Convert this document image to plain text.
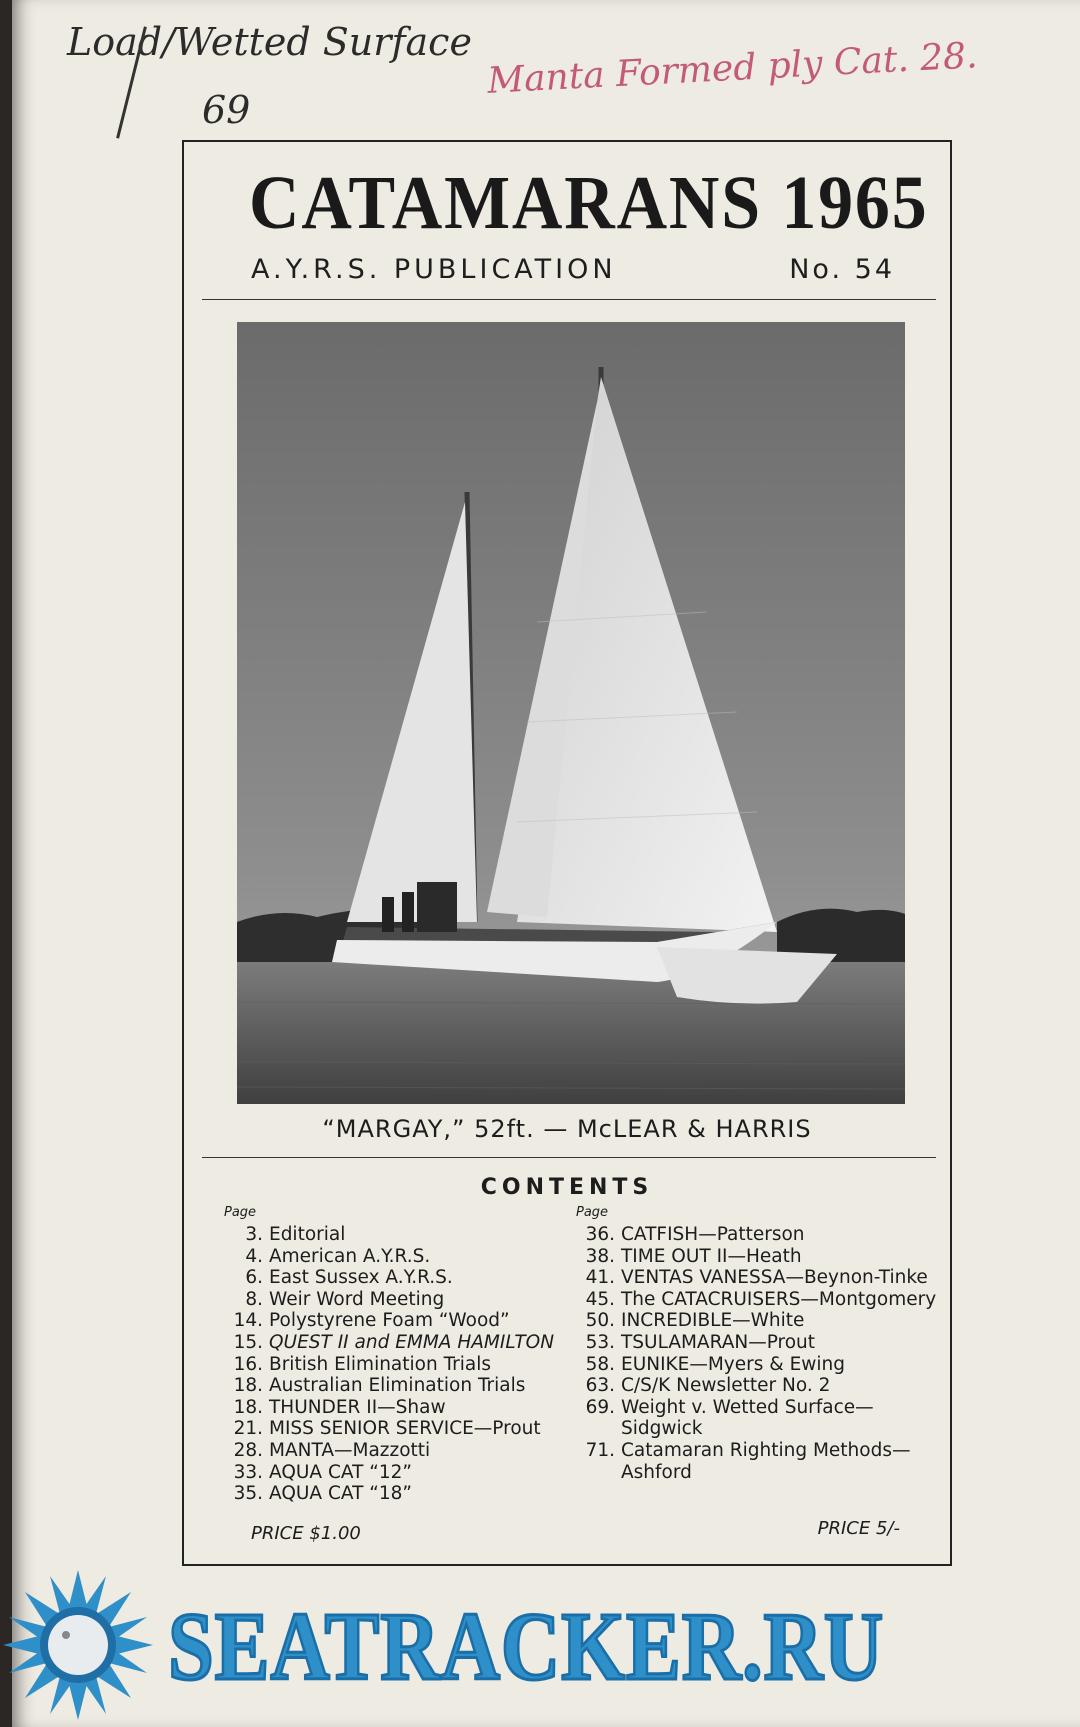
Load/Wetted Surface
69
Manta Formed ply Cat. 28.
CATAMARANS 1965
A.Y.R.S. PUBLICATION	No. 54
“MARGAY,” 52ft. — McLEAR & HARRIS
CONTENTS
Page
3. Editorial
4. American A.Y.R.S.
6. East Sussex A.Y.R.S.
8. Weir Word Meeting
14. Polystyrene Foam “Wood”
15. QUEST II and EMMA HAMILTON
16. British Elimination Trials
18. Australian Elimination Trials
18. THUNDER II—Shaw
21. MISS SENIOR SERVICE—Prout
28. MANTA—Mazzotti
33. AQUA CAT “12”
35. AQUA CAT “18”
Page
36. CATFISH—Patterson
38. TIME OUT II—Heath
41. VENTAS VANESSA—Beynon-Tinke
45. The CATACRUISERS—Montgomery
50. INCREDIBLE—White
53. TSULAMARAN—Prout
58. EUNIKE—Myers & Ewing
63. C/S/K Newsletter No. 2
69. Weight v. Wetted Surface—
Sidgwick
71. Catamaran Righting Methods—
Ashford
PRICE $1.00	PRICE 5/-
SEATRACKER.RU
